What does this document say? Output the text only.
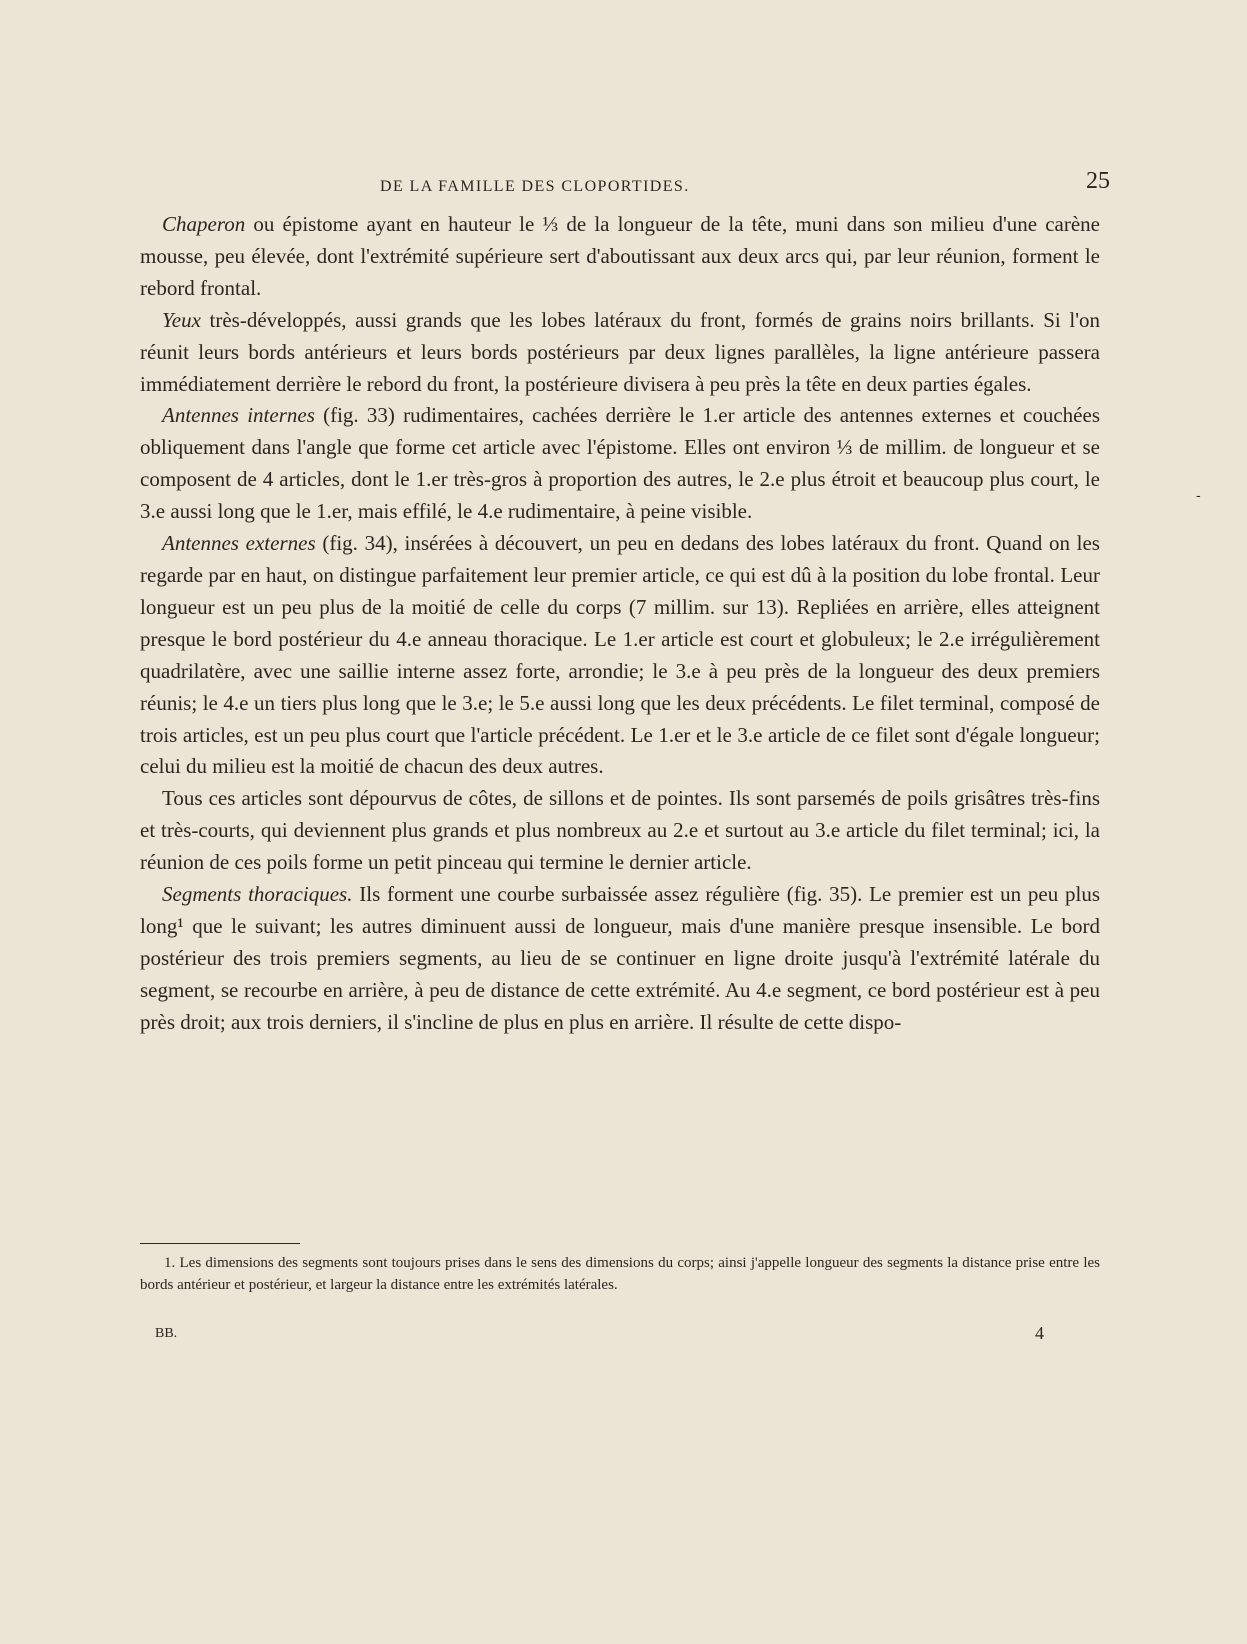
DE LA FAMILLE DES CLOPORTIDES.	25

Chaperon ou épistome ayant en hauteur le ⅓ de la longueur de la tête, muni dans son milieu d'une carène mousse, peu élevée, dont l'extrémité supérieure sert d'aboutissant aux deux arcs qui, par leur réunion, forment le rebord frontal.

Yeux très-développés, aussi grands que les lobes latéraux du front, formés de grains noirs brillants. Si l'on réunit leurs bords antérieurs et leurs bords postérieurs par deux lignes parallèles, la ligne antérieure passera immédiatement derrière le rebord du front, la postérieure divisera à peu près la tête en deux parties égales.

Antennes internes (fig. 33) rudimentaires, cachées derrière le 1.er article des antennes externes et couchées obliquement dans l'angle que forme cet article avec l'épistome. Elles ont environ ⅓ de millim. de longueur et se composent de 4 articles, dont le 1.er très-gros à proportion des autres, le 2.e plus étroit et beaucoup plus court, le 3.e aussi long que le 1.er, mais effilé, le 4.e rudimentaire, à peine visible.

Antennes externes (fig. 34), insérées à découvert, un peu en dedans des lobes latéraux du front. Quand on les regarde par en haut, on distingue parfaitement leur premier article, ce qui est dû à la position du lobe frontal. Leur longueur est un peu plus de la moitié de celle du corps (7 millim. sur 13). Repliées en arrière, elles atteignent presque le bord postérieur du 4.e anneau thoracique. Le 1.er article est court et globuleux; le 2.e irrégulièrement quadrilatère, avec une saillie interne assez forte, arrondie; le 3.e à peu près de la longueur des deux premiers réunis; le 4.e un tiers plus long que le 3.e; le 5.e aussi long que les deux précédents. Le filet terminal, composé de trois articles, est un peu plus court que l'article précédent. Le 1.er et le 3.e article de ce filet sont d'égale longueur; celui du milieu est la moitié de chacun des deux autres.

Tous ces articles sont dépourvus de côtes, de sillons et de pointes. Ils sont parsemés de poils grisâtres très-fins et très-courts, qui deviennent plus grands et plus nombreux au 2.e et surtout au 3.e article du filet terminal; ici, la réunion de ces poils forme un petit pinceau qui termine le dernier article.

Segments thoraciques. Ils forment une courbe surbaissée assez régulière (fig. 35). Le premier est un peu plus long¹ que le suivant; les autres diminuent aussi de longueur, mais d'une manière presque insensible. Le bord postérieur des trois premiers segments, au lieu de se continuer en ligne droite jusqu'à l'extrémité latérale du segment, se recourbe en arrière, à peu de distance de cette extrémité. Au 4.e segment, ce bord postérieur est à peu près droit; aux trois derniers, il s'incline de plus en plus en arrière. Il résulte de cette dispo-

1. Les dimensions des segments sont toujours prises dans le sens des dimensions du corps; ainsi j'appelle longueur des segments la distance prise entre les bords antérieur et postérieur, et largeur la distance entre les extrémités latérales.

BB.	4
-
